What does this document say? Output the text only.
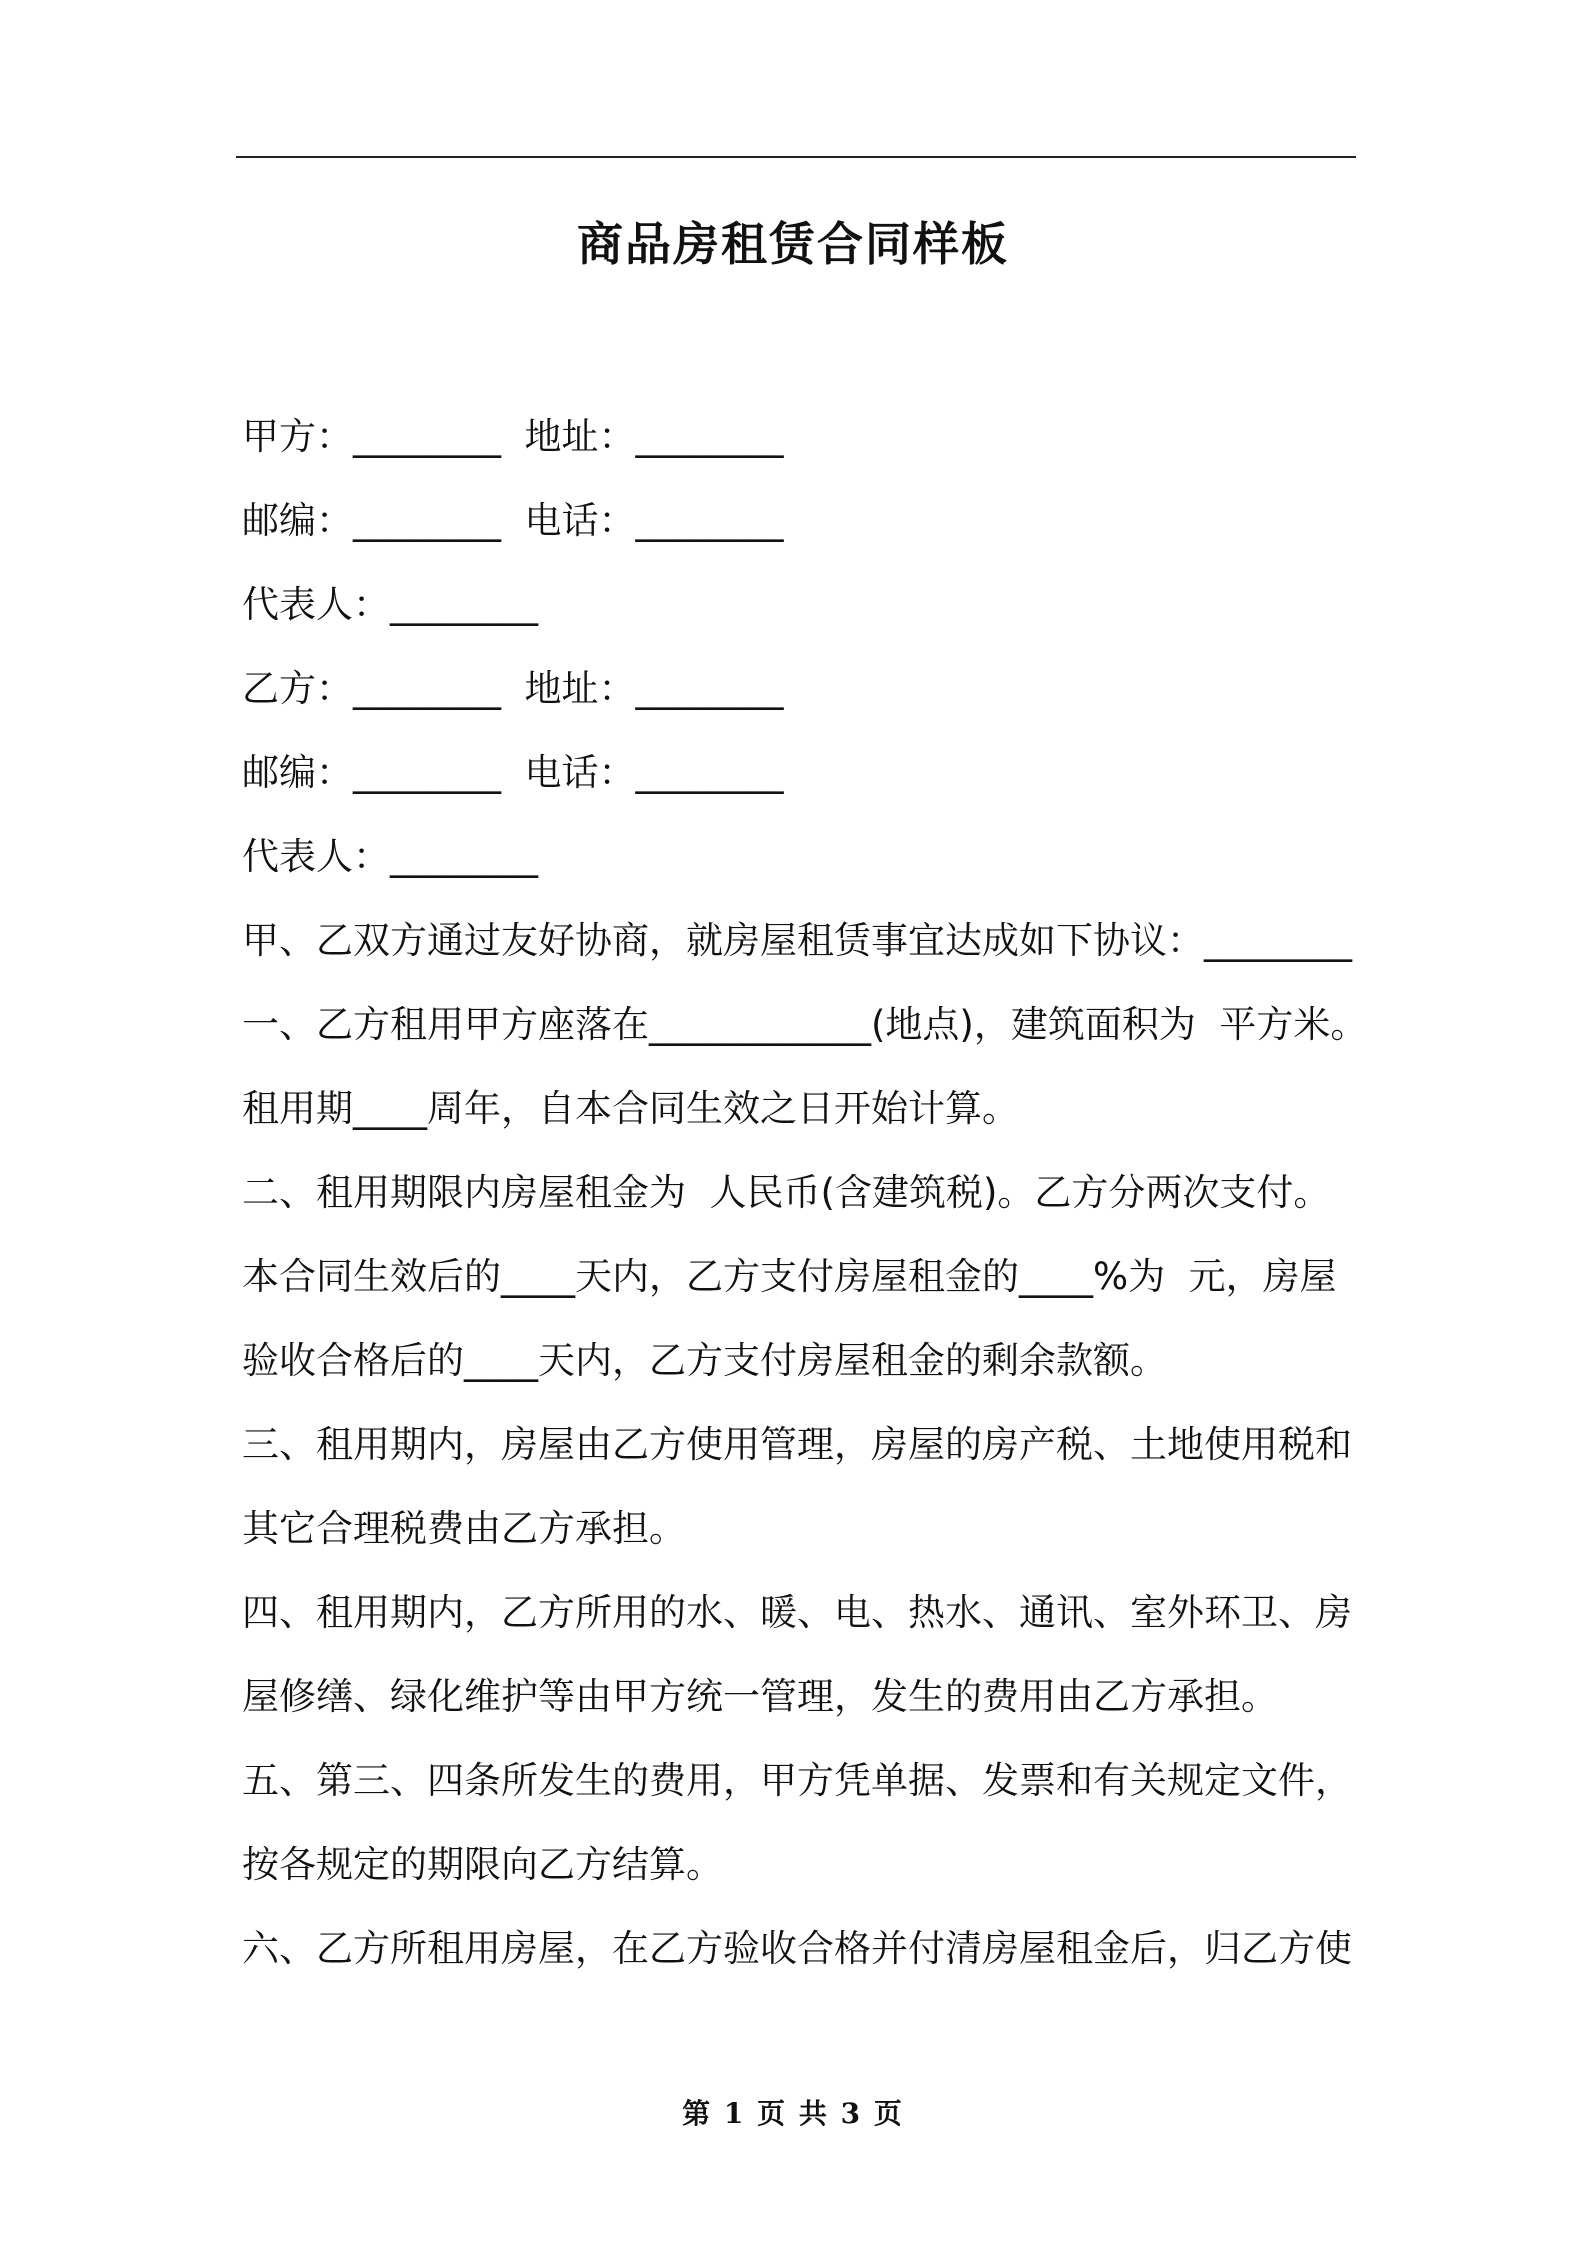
商品房租赁合同样板
甲方：________  地址：________
邮编：________  电话：________
代表人：________
乙方：________  地址：________
邮编：________  电话：________
代表人：________
甲、乙双方通过友好协商，就房屋租赁事宜达成如下协议：________
一、乙方租用甲方座落在____________(地点)，建筑面积为  平方米。
租用期____周年，自本合同生效之日开始计算。
二、租用期限内房屋租金为  人民币(含建筑税)。乙方分两次支付。
本合同生效后的____天内，乙方支付房屋租金的____%为  元，房屋
验收合格后的____天内，乙方支付房屋租金的剩余款额。
三、租用期内，房屋由乙方使用管理，房屋的房产税、土地使用税和
其它合理税费由乙方承担。
四、租用期内，乙方所用的水、暖、电、热水、通讯、室外环卫、房
屋修缮、绿化维护等由甲方统一管理，发生的费用由乙方承担。
五、第三、四条所发生的费用，甲方凭单据、发票和有关规定文件，
按各规定的期限向乙方结算。
六、乙方所租用房屋，在乙方验收合格并付清房屋租金后，归乙方使
第 1 页 共 3 页
